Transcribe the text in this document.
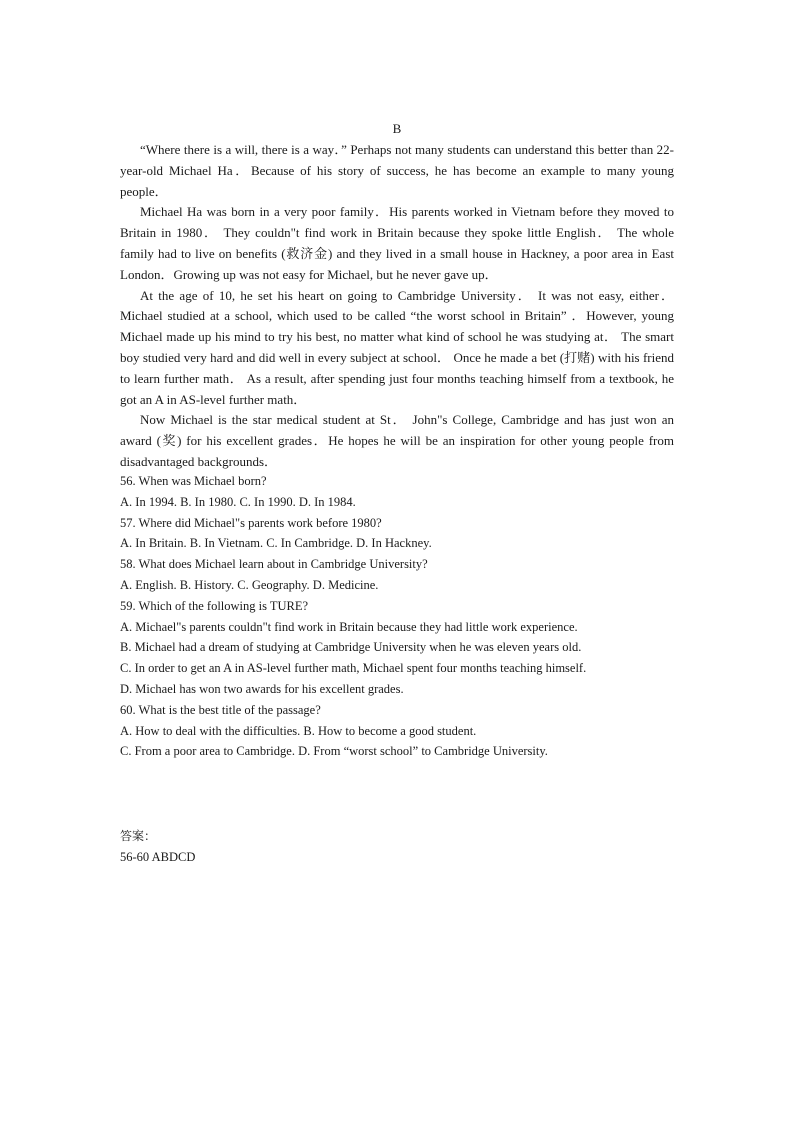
B

“Where there is a will, there is a way．” Perhaps not many students can understand this better than 22-year-old Michael Ha．Because of his story of success, he has become an example to many young people．

Michael Ha was born in a very poor family．His parents worked in Vietnam before they moved to Britain in 1980． They couldn"t find work in Britain because they spoke little English． The whole family had to live on benefits (救济金) and they lived in a small house in Hackney, a poor area in East London．Growing up was not easy for Michael, but he never gave up．

At the age of 10, he set his heart on going to Cambridge University． It was not easy, either．Michael studied at a school, which used to be called “the worst school in Britain” ．However, young Michael made up his mind to try his best, no matter what kind of school he was studying at． The smart boy studied very hard and did well in every subject at school． Once he made a bet (打赌) with his friend to learn further math． As a result, after spending just four months teaching himself from a textbook, he got an A in AS-level further math．

Now Michael is the star medical student at St． John"s College, Cambridge and has just won an award (奖) for his excellent grades．He hopes he will be an inspiration for other young people from disadvantaged backgrounds．

56. When was Michael born?
A. In 1994. B. In 1980. C. In 1990. D. In 1984.
57. Where did Michael"s parents work before 1980?
A. In Britain. B. In Vietnam. C. In Cambridge. D. In Hackney.
58. What does Michael learn about in Cambridge University?
A. English. B. History. C. Geography. D. Medicine.
59. Which of the following is TURE?
A. Michael"s parents couldn"t find work in Britain because they had little work experience.
B. Michael had a dream of studying at Cambridge University when he was eleven years old.
C. In order to get an A in AS-level further math, Michael spent four months teaching himself.
D. Michael has won two awards for his excellent grades.
60. What is the best title of the passage?
A. How to deal with the difficulties. B. How to become a good student.
C. From a poor area to Cambridge. D. From “worst school” to Cambridge University.
答案：
56-60 ABDCD
